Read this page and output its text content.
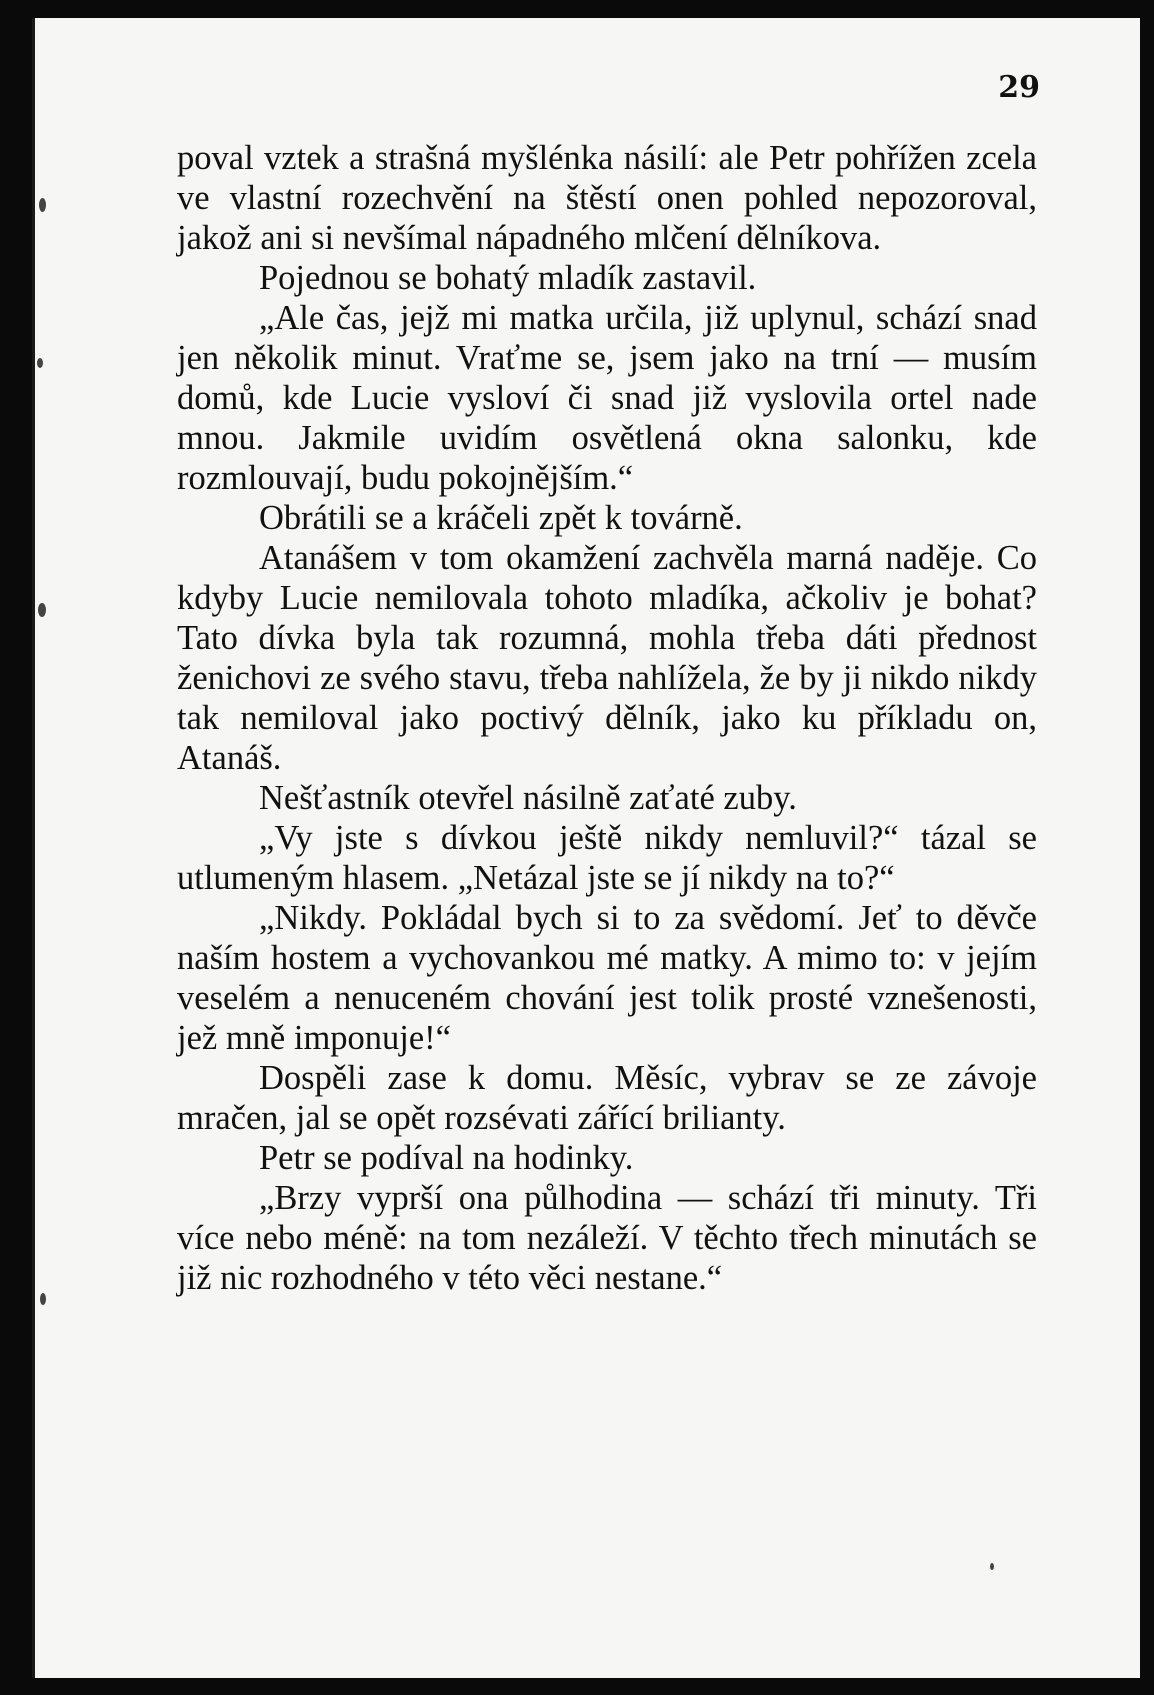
29

poval vztek a strašná myšlénka násilí: ale Petr pohřížen zcela ve vlastní rozechvění na štěstí onen pohled nepozoroval, jakož ani si nevšímal nápadného mlčení dělníkova.

Pojednou se bohatý mladík zastavil.

„Ale čas, jejž mi matka určila, již uplynul, schází snad jen několik minut. Vraťme se, jsem jako na trní — musím domů, kde Lucie vysloví či snad již vyslovila ortel nade mnou. Jakmile uvidím osvětlená okna salonku, kde rozmlouvají, budu pokojnějším.“

Obrátili se a kráčeli zpět k továrně.

Atanášem v tom okamžení zachvěla marná naděje. Co kdyby Lucie nemilovala tohoto mladíka, ačkoliv je bohat? Tato dívka byla tak rozumná, mohla třeba dáti přednost ženichovi ze svého stavu, třeba nahlížela, že by ji nikdo nikdy tak nemiloval jako poctivý dělník, jako ku příkladu on, Atanáš.

Nešťastník otevřel násilně zaťaté zuby.

„Vy jste s dívkou ještě nikdy nemluvil?“ tázal se utlumeným hlasem. „Netázal jste se jí nikdy na to?“

„Nikdy. Pokládal bych si to za svědomí. Jeť to děvče naším hostem a vychovankou mé matky. A mimo to: v jejím veselém a nenuceném chování jest tolik prosté vznešenosti, jež mně imponuje!“

Dospěli zase k domu. Měsíc, vybrav se ze závoje mračen, jal se opět rozsévati zářící brilianty.

Petr se podíval na hodinky.

„Brzy vyprší ona půlhodina — schází tři minuty. Tři více nebo méně: na tom nezáleží. V těchto třech minutách se již nic rozhodného v této věci nestane.“
